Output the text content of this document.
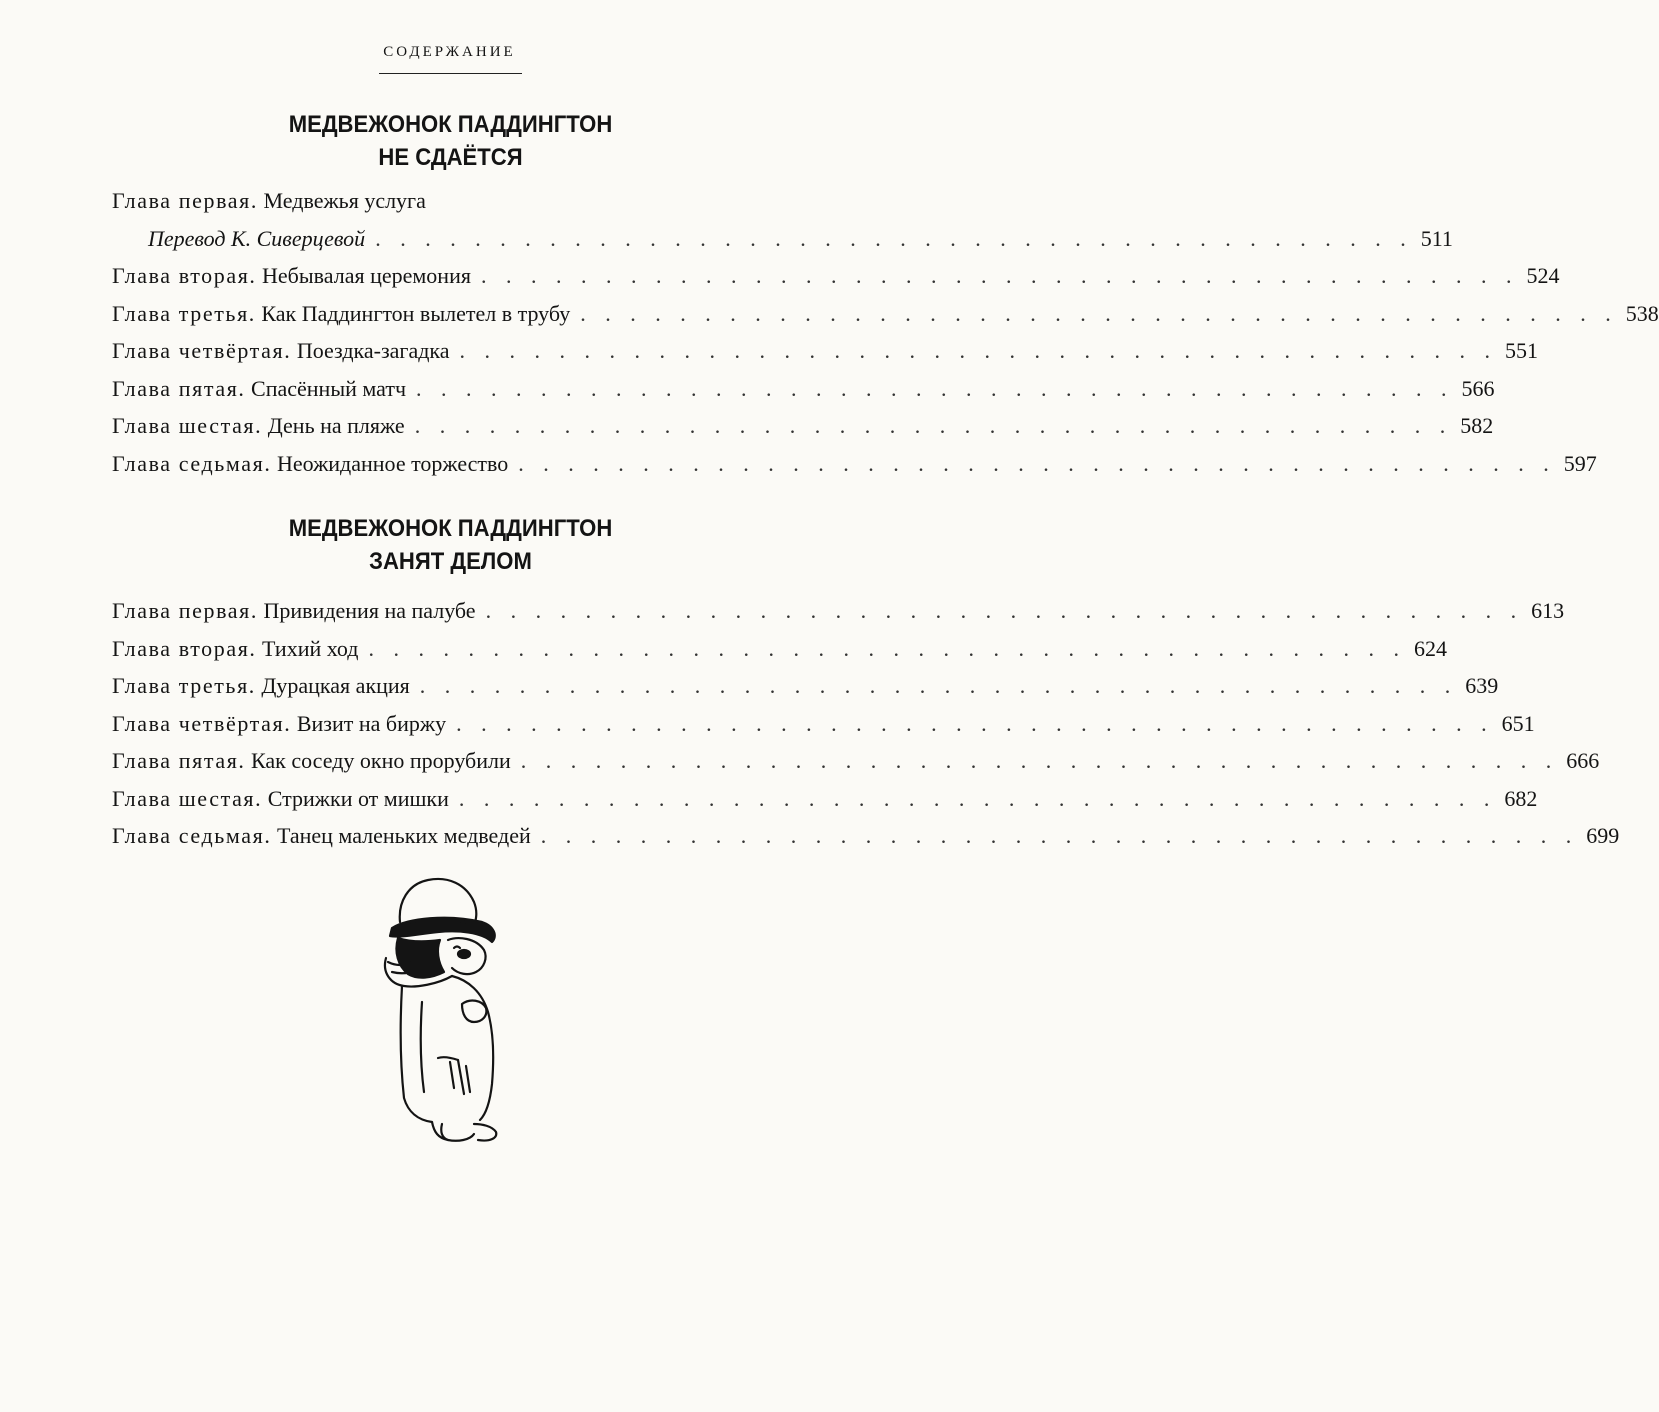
СОДЕРЖАНИЕ
МЕДВЕЖОНОК ПАДДИНГТОН
НЕ СДАЁТСЯ
Глава первая. Медвежья услуга
Перевод К. Сиверцевой . . . . . . . . . . . . . . . . . . . . . . . . . . . . . . . . . . . . . . . . . . 511
Глава вторая. Небывалая церемония . . . . . . . . . . . . . . . . . . . . . . . . . . . . . . . . . . . . . . . . . . 524
Глава третья. Как Паддингтон вылетел в трубу . . . . . . . . . . . . . . . . . . . . . . . . . . . . . . . . . . . . . . . . . . 538
Глава четвёртая. Поездка-загадка . . . . . . . . . . . . . . . . . . . . . . . . . . . . . . . . . . . . . . . . . . 551
Глава пятая. Спасённый матч . . . . . . . . . . . . . . . . . . . . . . . . . . . . . . . . . . . . . . . . . . 566
Глава шестая. День на пляже . . . . . . . . . . . . . . . . . . . . . . . . . . . . . . . . . . . . . . . . . . 582
Глава седьмая. Неожиданное торжество . . . . . . . . . . . . . . . . . . . . . . . . . . . . . . . . . . . . . . . . . . 597
МЕДВЕЖОНОК ПАДДИНГТОН
ЗАНЯТ ДЕЛОМ
Глава первая. Привидения на палубе . . . . . . . . . . . . . . . . . . . . . . . . . . . . . . . . . . . . . . . . . . 613
Глава вторая. Тихий ход . . . . . . . . . . . . . . . . . . . . . . . . . . . . . . . . . . . . . . . . . . 624
Глава третья. Дурацкая акция . . . . . . . . . . . . . . . . . . . . . . . . . . . . . . . . . . . . . . . . . . 639
Глава четвёртая. Визит на биржу . . . . . . . . . . . . . . . . . . . . . . . . . . . . . . . . . . . . . . . . . . 651
Глава пятая. Как соседу окно прорубили . . . . . . . . . . . . . . . . . . . . . . . . . . . . . . . . . . . . . . . . . . 666
Глава шестая. Стрижки от мишки . . . . . . . . . . . . . . . . . . . . . . . . . . . . . . . . . . . . . . . . . . 682
Глава седьмая. Танец маленьких медведей . . . . . . . . . . . . . . . . . . . . . . . . . . . . . . . . . . . . . . . . . . 699
